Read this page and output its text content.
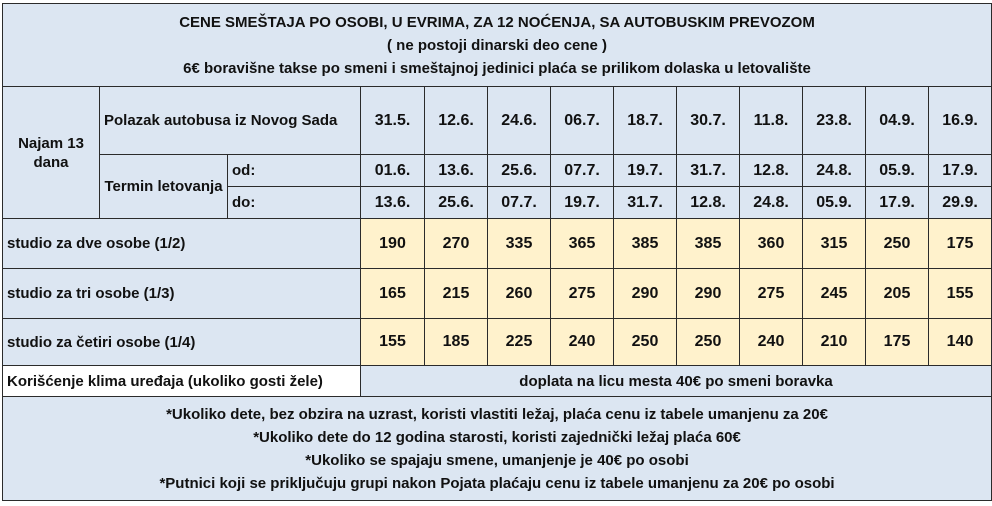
CENE SMEŠTAJA PO OSOBI, U EVRIMA, ZA 12 NOĆENJA, SA AUTOBUSKIM PREVOZOM
( ne postoji dinarski deo cene )
6€ boravišne takse po smeni i smeštajnoj jedinici plaća se prilikom dolaska u letovalište												

Najam 13 dana	Polazak autobusa iz Novog Sada		31.5.	12.6.	24.6.	06.7.	18.7.	30.7.	11.8.	23.8.	04.9.	16.9.
	Termin letovanja	od:	01.6.	13.6.	25.6.	07.7.	19.7.	31.7.	12.8.	24.8.	05.9.	17.9.
		do:	13.6.	25.6.	07.7.	19.7.	31.7.	12.8.	24.8.	05.9.	17.9.	29.9.
studio za dve osobe (1/2)			190	270	335	365	385	385	360	315	250	175
studio za tri osobe (1/3)			165	215	260	275	290	290	275	245	205	155
studio za četiri osobe (1/4)			155	185	225	240	250	250	240	210	175	140
Korišćenje klima uređaja (ukoliko gosti žele)			doplata na licu mesta 40€ po smeni boravka									

*Ukoliko dete, bez obzira na uzrast, koristi vlastiti ležaj, plaća cenu iz tabele umanjenu za 20€
*Ukoliko dete do 12 godina starosti, koristi zajednički ležaj plaća 60€
*Ukoliko se spajaju smene, umanjenje je 40€ po osobi
*Putnici koji se priključuju grupi nakon Pojata plaćaju cenu iz tabele umanjenu za 20€ po osobi												
